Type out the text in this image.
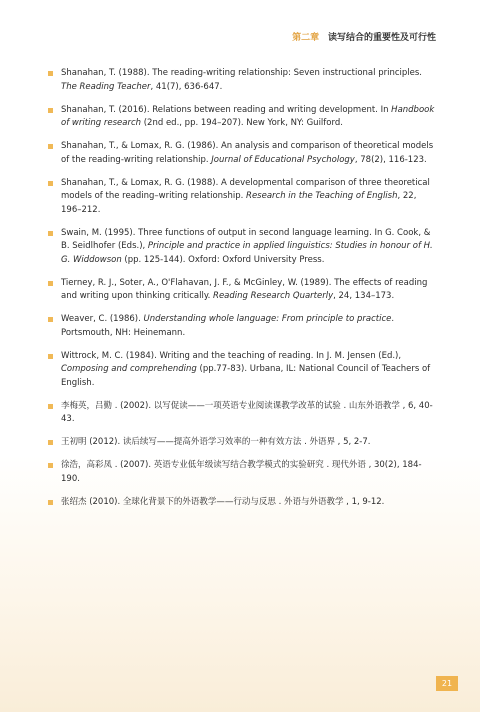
第二章 读写结合的重要性及可行性
Shanahan, T. (1988). The reading-writing relationship: Seven instructional principles. The Reading Teacher, 41(7), 636-647.
Shanahan, T. (2016). Relations between reading and writing development. In Handbook of writing research (2nd ed., pp. 194–207). New York, NY: Guilford.
Shanahan, T., & Lomax, R. G. (1986). An analysis and comparison of theoretical models of the reading-writing relationship. Journal of Educational Psychology, 78(2), 116-123.
Shanahan, T., & Lomax, R. G. (1988). A developmental comparison of three theoretical models of the reading–writing relationship. Research in the Teaching of English, 22, 196–212.
Swain, M. (1995). Three functions of output in second language learning. In G. Cook, & B. Seidlhofer (Eds.), Principle and practice in applied linguistics: Studies in honour of H. G. Widdowson (pp. 125-144). Oxford: Oxford University Press.
Tierney, R. J., Soter, A., O'Flahavan, J. F., & McGinley, W. (1989). The effects of reading and writing upon thinking critically. Reading Research Quarterly, 24, 134–173.
Weaver, C. (1986). Understanding whole language: From principle to practice. Portsmouth, NH: Heinemann.
Wittrock, M. C. (1984). Writing and the teaching of reading. In J. M. Jensen (Ed.), Composing and comprehending (pp.77-83). Urbana, IL: National Council of Teachers of English.
李梅英，吕勤 . (2002). 以写促读——一项英语专业阅读课教学改革的试验 . 山东外语教学 , 6, 40-43.
王初明 (2012). 读后续写——提高外语学习效率的一种有效方法 . 外语界 , 5, 2-7.
徐浩，高彩凤 . (2007). 英语专业低年级读写结合教学模式的实验研究 . 现代外语 , 30(2), 184-190.
张绍杰 (2010). 全球化背景下的外语教学——行动与反思 . 外语与外语教学 , 1, 9-12.
21
